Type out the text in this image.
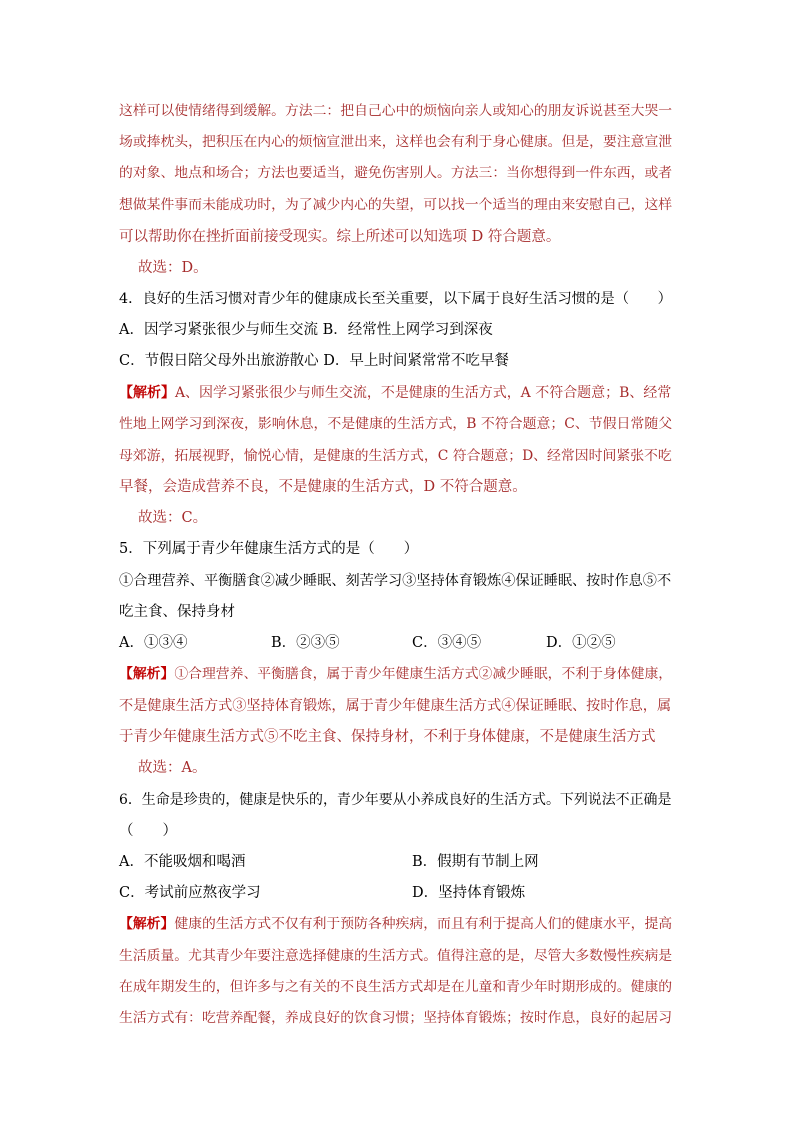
这样可以使情绪得到缓解。方法二：把自己心中的烦恼向亲人或知心的朋友诉说甚至大哭一
场或捧枕头，把积压在内心的烦恼宣泄出来，这样也会有利于身心健康。但是，要注意宣泄
的对象、地点和场合；方法也要适当，避免伤害别人。方法三：当你想得到一件东西，或者
想做某件事而未能成功时，为了减少内心的失望，可以找一个适当的理由来安慰自己，这样
可以帮助你在挫折面前接受现实。综上所述可以知选项 D 符合题意。
故选：D。
4．良好的生活习惯对青少年的健康成长至关重要，以下属于良好生活习惯的是（　　）
A．因学习紧张很少与师生交流 B．经常性上网学习到深夜
C．节假日陪父母外出旅游散心 D．早上时间紧常常不吃早餐
【解析】A、因学习紧张很少与师生交流，不是健康的生活方式，A 不符合题意；B、经常
性地上网学习到深夜，影响休息，不是健康的生活方式，B 不符合题意；C、节假日常随父
母郊游，拓展视野，愉悦心情，是健康的生活方式，C 符合题意；D、经常因时间紧张不吃
早餐，会造成营养不良，不是健康的生活方式，D 不符合题意。
故选：C。
5．下列属于青少年健康生活方式的是（　　）
①合理营养、平衡膳食②减少睡眠、刻苦学习③坚持体育锻炼④保证睡眠、按时作息⑤不
吃主食、保持身材
A．①③④	B．②③⑤	C．③④⑤	D．①②⑤
【解析】①合理营养、平衡膳食，属于青少年健康生活方式②减少睡眠，不利于身体健康，
不是健康生活方式③坚持体育锻炼，属于青少年健康生活方式④保证睡眠、按时作息，属
于青少年健康生活方式⑤不吃主食、保持身材，不利于身体健康，不是健康生活方式
故选：A。
6．生命是珍贵的，健康是快乐的，青少年要从小养成良好的生活方式。下列说法不正确是
（　　）
A．不能吸烟和喝酒	B．假期有节制上网
C．考试前应熬夜学习	D．坚持体育锻炼
【解析】健康的生活方式不仅有利于预防各种疾病，而且有利于提高人们的健康水平，提高
生活质量。尤其青少年要注意选择健康的生活方式。值得注意的是，尽管大多数慢性疾病是
在成年期发生的，但许多与之有关的不良生活方式却是在儿童和青少年时期形成的。健康的
生活方式有：吃营养配餐，养成良好的饮食习惯；坚持体育锻炼；按时作息，良好的起居习
